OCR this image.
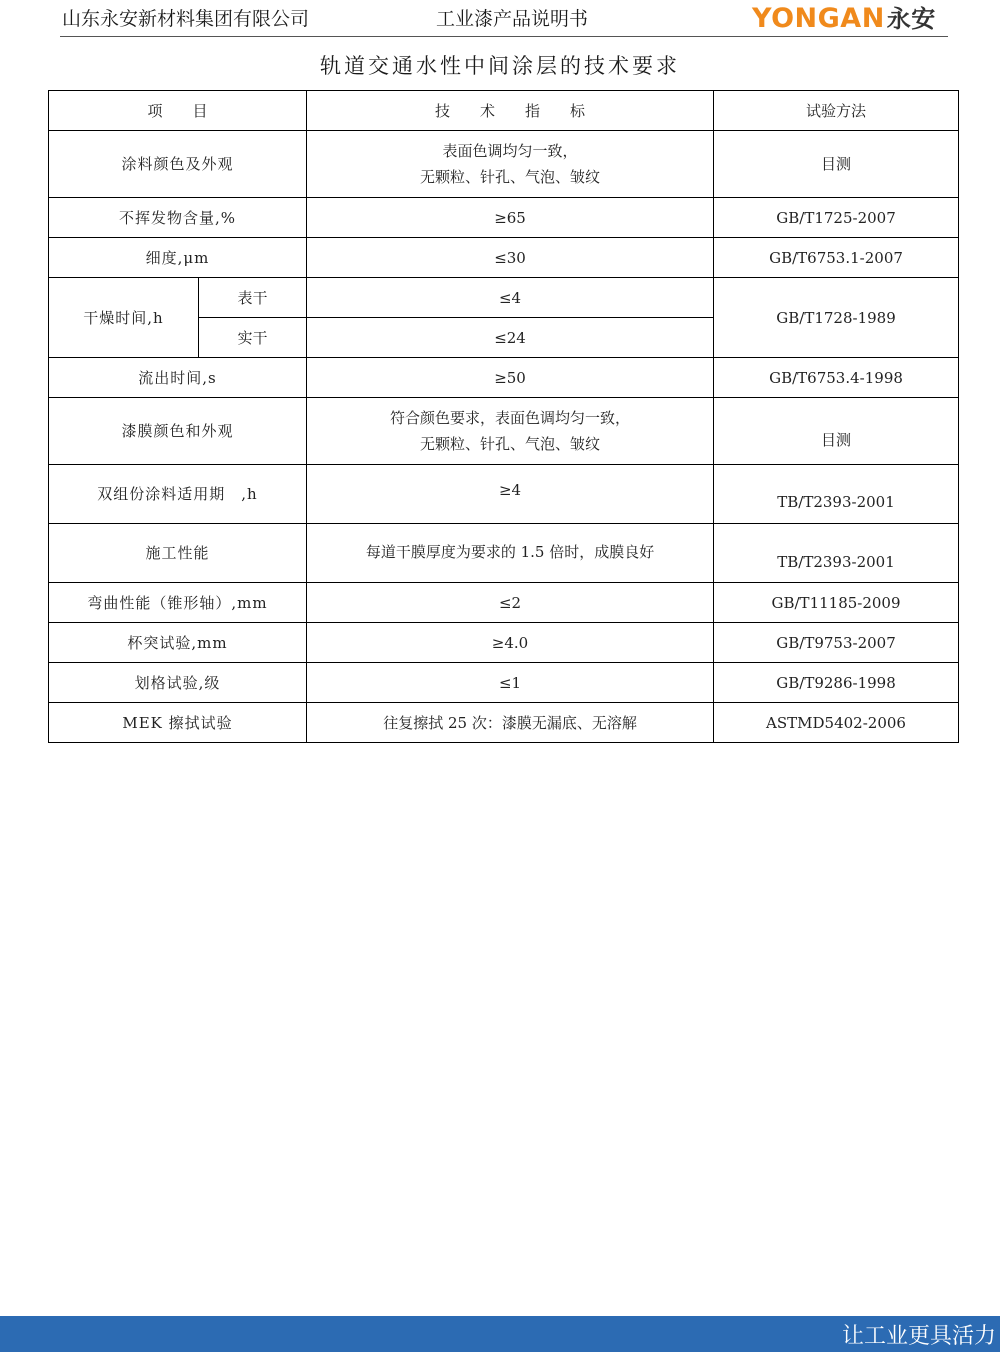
山东永安新材料集团有限公司	工业漆产品说明书	YONGAN永安
轨道交通水性中间涂层的技术要求
项　　目		技　　术　　指　　标	试验方法
涂料颜色及外观		表面色调均匀一致，
无颗粒、针孔、气泡、皱纹	目测
不挥发物含量,%		≥65	GB/T1725-2007
细度,μm		≤30	GB/T6753.1-2007
干燥时间,h	表干	≤4	GB/T1728-1989
	实干	≤24	
流出时间,s		≥50	GB/T6753.4-1998
漆膜颜色和外观		符合颜色要求，表面色调均匀一致，
无颗粒、针孔、气泡、皱纹	目测
双组份涂料适用期　,h		≥4	TB/T2393-2001
施工性能		每道干膜厚度为要求的 1.5 倍时，成膜良好	TB/T2393-2001
弯曲性能（锥形轴）,mm		≤2	GB/T11185-2009
杯突试验,mm		≥4.0	GB/T9753-2007
划格试验,级		≤1	GB/T9286-1998
MEK 擦拭试验		往复擦拭 25 次：漆膜无漏底、无溶解	ASTMD5402-2006
让工业更具活力
